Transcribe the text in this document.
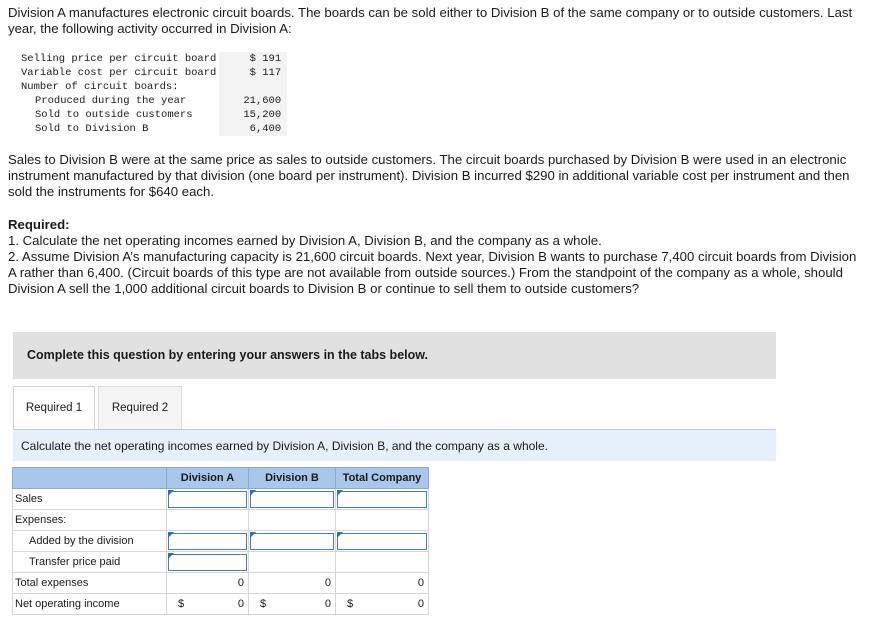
Division A manufactures electronic circuit boards. The boards can be sold either to Division B of the same company or to outside customers. Last year, the following activity occurred in Division A:

Selling price per circuit board	$ 191
Variable cost per circuit board	$ 117
Number of circuit boards:	
Produced during the year	21,600
Sold to outside customers	15,200
Sold to Division B	6,400

Sales to Division B were at the same price as sales to outside customers. The circuit boards purchased by Division B were used in an electronic instrument manufactured by that division (one board per instrument). Division B incurred $290 in additional variable cost per instrument and then sold the instruments for $640 each.

Required:
1. Calculate the net operating incomes earned by Division A, Division B, and the company as a whole.
2. Assume Division A’s manufacturing capacity is 21,600 circuit boards. Next year, Division B wants to purchase 7,400 circuit boards from Division A rather than 6,400. (Circuit boards of this type are not available from outside sources.) From the standpoint of the company as a whole, should Division A sell the 1,000 additional circuit boards to Division B or continue to sell them to outside customers?
Complete this question by entering your answers in the tabs below.
Required 1	Required 2
Calculate the net operating incomes earned by Division A, Division B, and the company as a whole.
	Division A	Division B	Total Company
Sales	

Expenses:			
Added by the division	

Transfer price paid	

Total expenses	0	0	0
Net operating income	$ 0	$ 0	$ 0
